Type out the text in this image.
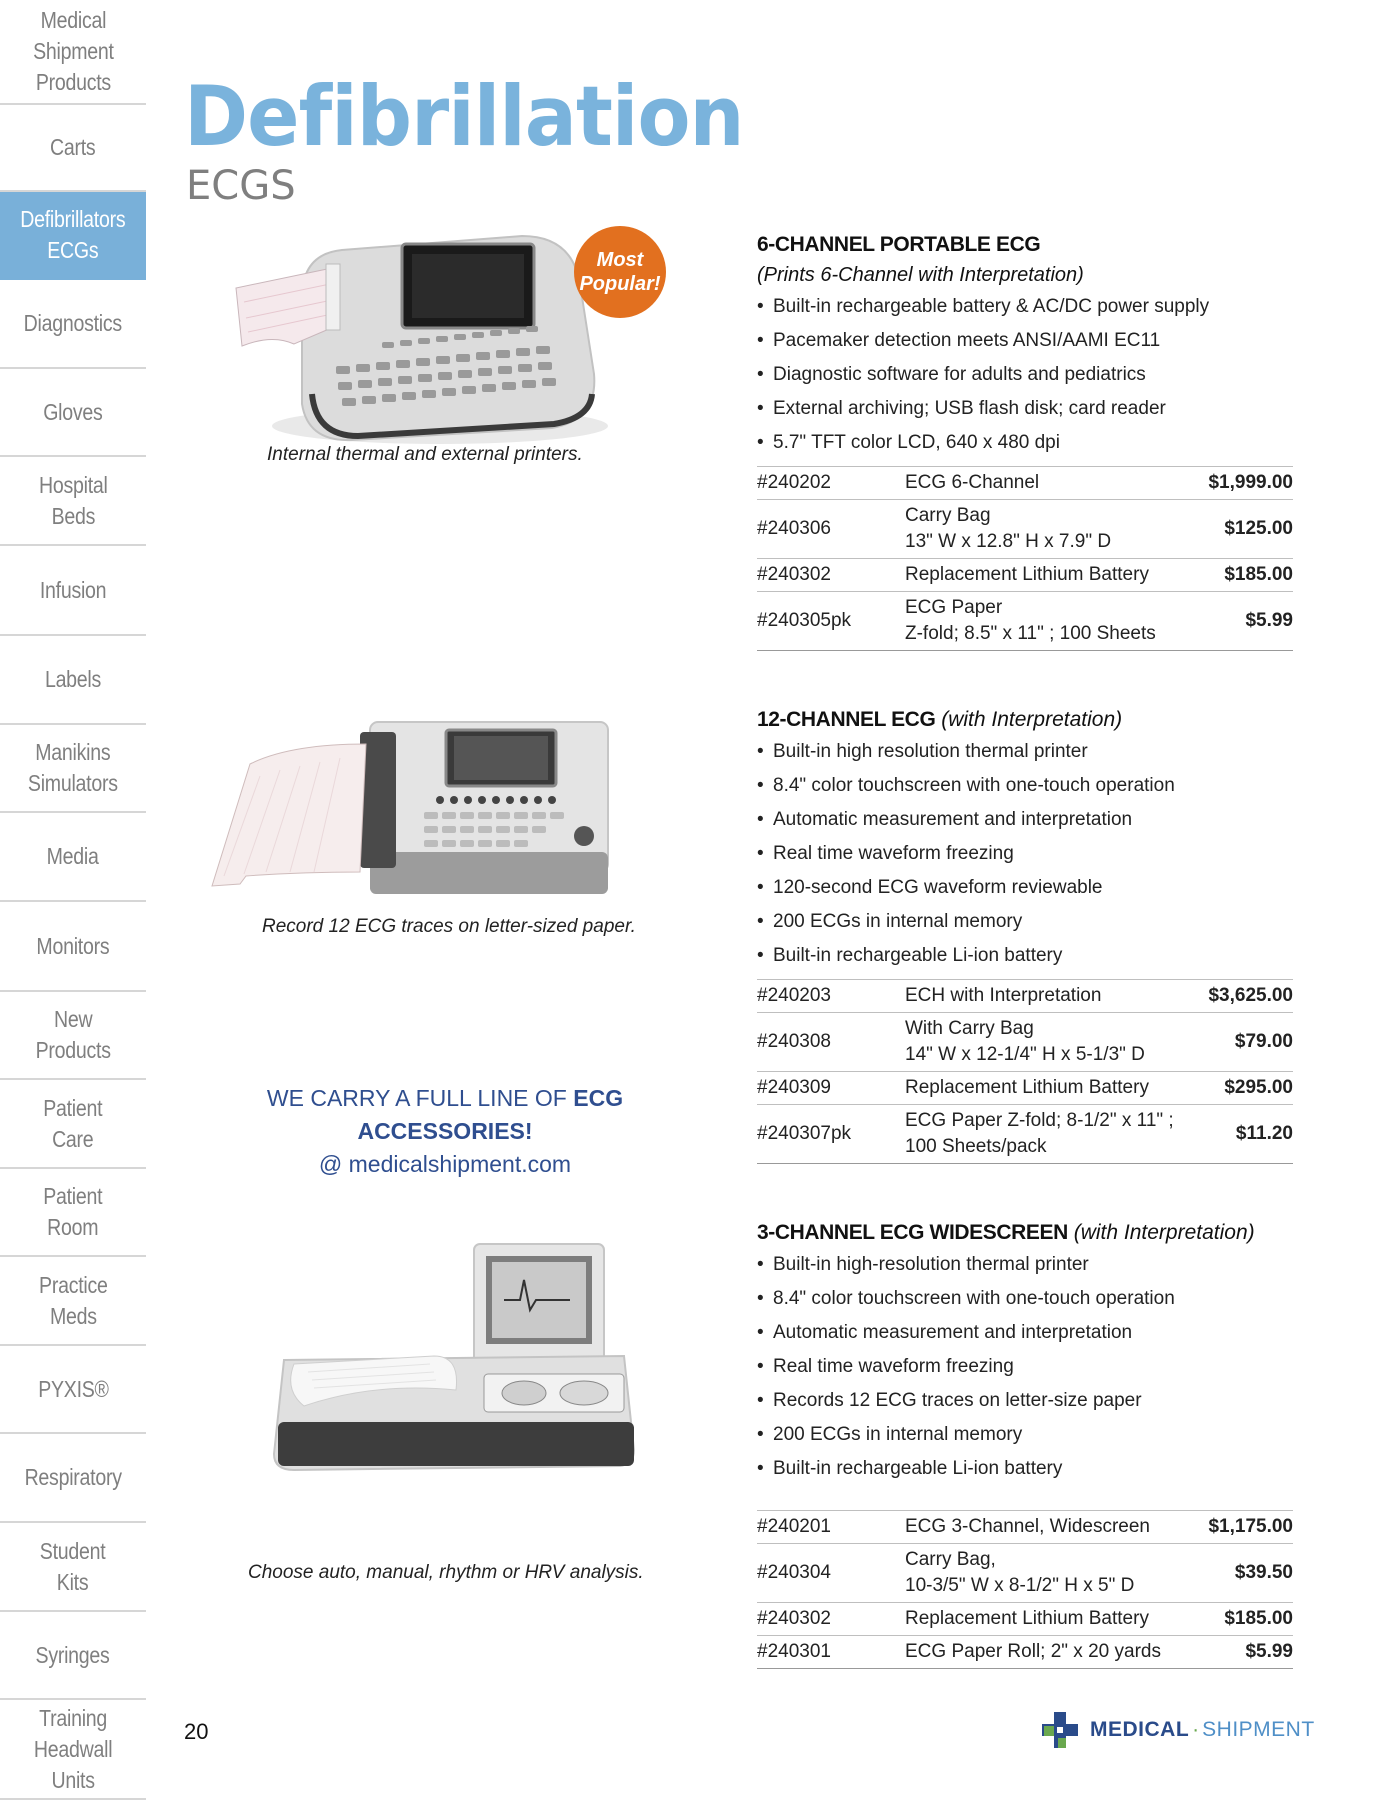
Medical
Shipment
Products
Carts
Defibrillators
ECGs
Diagnostics
Gloves
Hospital
Beds
Infusion
Labels
Manikins
Simulators
Media
Monitors
New
Products
Patient
Care
Patient
Room
Practice
Meds
PYXIS®
Respiratory
Student
Kits
Syringes
Training
Headwall
Units
Defibrillation
ECGS
Most
Popular!
Internal thermal and external printers.
Record 12 ECG traces on letter-sized paper.
WE CARRY A FULL LINE OF ECG ACCESSORIES!
@ medicalshipment.com
Choose auto, manual, rhythm or HRV analysis.
6-CHANNEL PORTABLE ECG
(Prints 6-Channel with Interpretation)
• Built-in rechargeable battery & AC/DC power supply
• Pacemaker detection meets ANSI/AAMI EC11
• Diagnostic software for adults and pediatrics
• External archiving; USB flash disk; card reader
• 5.7" TFT color LCD, 640 x 480 dpi
#240202	ECG 6-Channel	$1,999.00
#240306	Carry Bag
13" W x 12.8" H x 7.9" D	$125.00
#240302	Replacement Lithium Battery	$185.00
#240305pk	ECG Paper
Z-fold; 8.5" x 11" ; 100 Sheets	$5.99
12-CHANNEL ECG (with Interpretation)
• Built-in high resolution thermal printer
• 8.4" color touchscreen with one-touch operation
• Automatic measurement and interpretation
• Real time waveform freezing
• 120-second ECG waveform reviewable
• 200 ECGs in internal memory
• Built-in rechargeable Li-ion battery
#240203	ECH with Interpretation	$3,625.00
#240308	With Carry Bag
14" W x 12-1/4" H x 5-1/3" D	$79.00
#240309	Replacement Lithium Battery	$295.00
#240307pk	ECG Paper Z-fold; 8-1/2" x 11" ;
100 Sheets/pack	$11.20
3-CHANNEL ECG WIDESCREEN (with Interpretation)
• Built-in high-resolution thermal printer
• 8.4" color touchscreen with one-touch operation
• Automatic measurement and interpretation
• Real time waveform freezing
• Records 12 ECG traces on letter-size paper
• 200 ECGs in internal memory
• Built-in rechargeable Li-ion battery
#240201	ECG 3-Channel, Widescreen	$1,175.00
#240304	Carry Bag,
10-3/5" W x 8-1/2" H x 5" D	$39.50
#240302	Replacement Lithium Battery	$185.00
#240301	ECG Paper Roll; 2" x 20 yards	$5.99
20	MEDICAL · SHIPMENT
